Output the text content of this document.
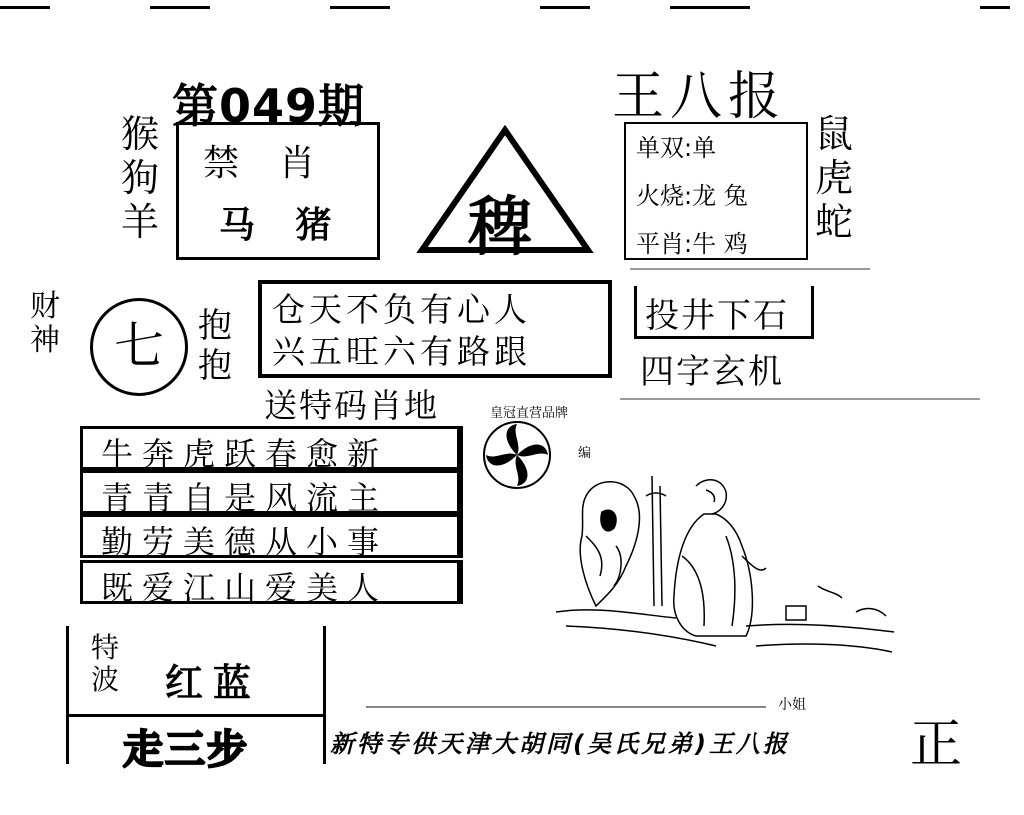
第049期	王八报
猴
狗
羊
禁肖
马 猪 稗
单双:单
火烧:龙 兔
平肖:牛 鸡
鼠
虎
蛇
财
神	七	抱
抱
仓天不负有心人
兴五旺六有路跟
送特码肖地
投井下石
四字玄机
皇冠直营品牌
编
牛奔虎跃春愈新
青青自是风流主
勤劳美德从小事
既爱江山爱美人
特
波 红蓝
走三步
小姐
新特专供天津大胡同(吴氏兄弟)王八报 正
